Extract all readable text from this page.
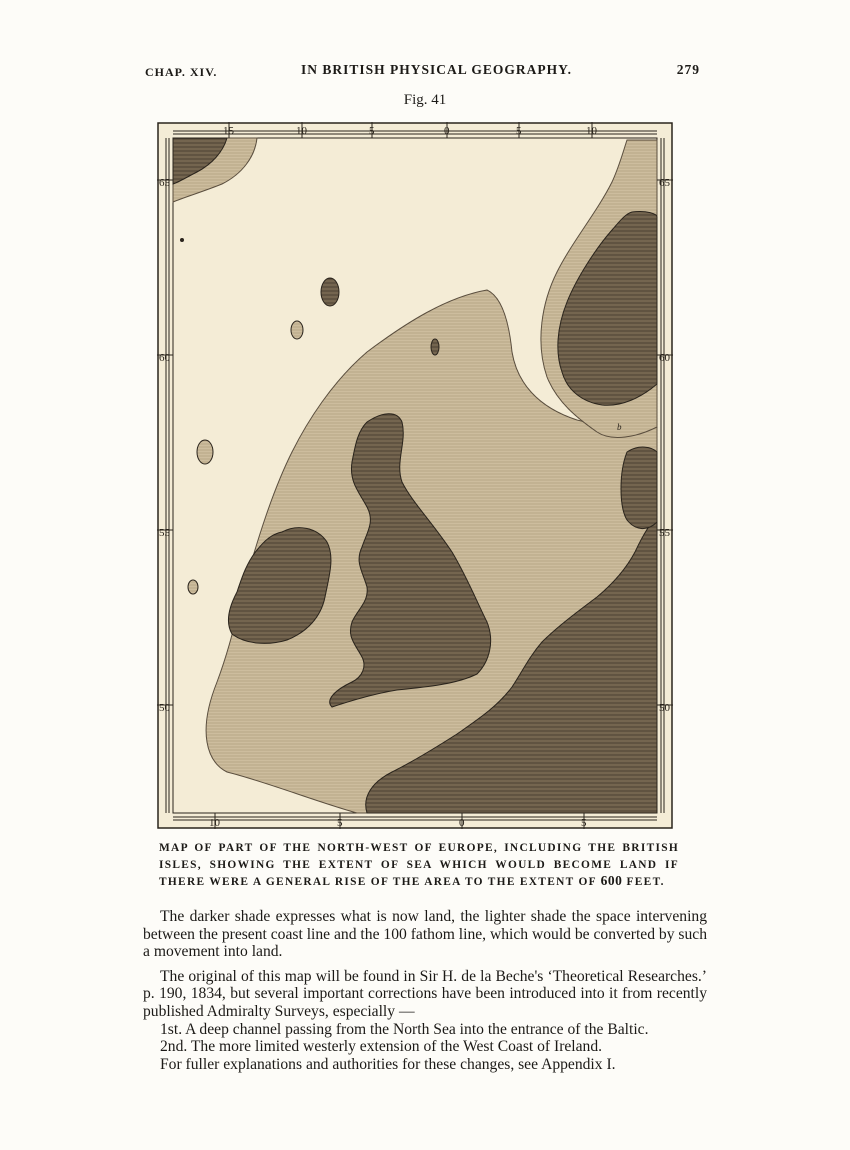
CHAP. XIV.	IN BRITISH PHYSICAL GEOGRAPHY.	279
Fig. 41
15	10	5	0	5	10
10	5	0	5
65
60
55
50
65
60
55
50
b
MAP OF PART OF THE NORTH-WEST OF EUROPE, INCLUDING THE BRITISH ISLES, SHOWING THE EXTENT OF SEA WHICH WOULD BECOME LAND IF THERE WERE A GENERAL RISE OF THE AREA TO THE EXTENT OF 600 FEET.

The darker shade expresses what is now land, the lighter shade the space intervening between the present coast line and the 100 fathom line, which would be converted by such a movement into land.

The original of this map will be found in Sir H. de la Beche's ‘Theoretical Researches.’ p. 190, 1834, but several important corrections have been introduced into it from recently published Admiralty Surveys, especially —

1st. A deep channel passing from the North Sea into the entrance of the Baltic.

2nd. The more limited westerly extension of the West Coast of Ireland.

For fuller explanations and authorities for these changes, see Appendix I.
